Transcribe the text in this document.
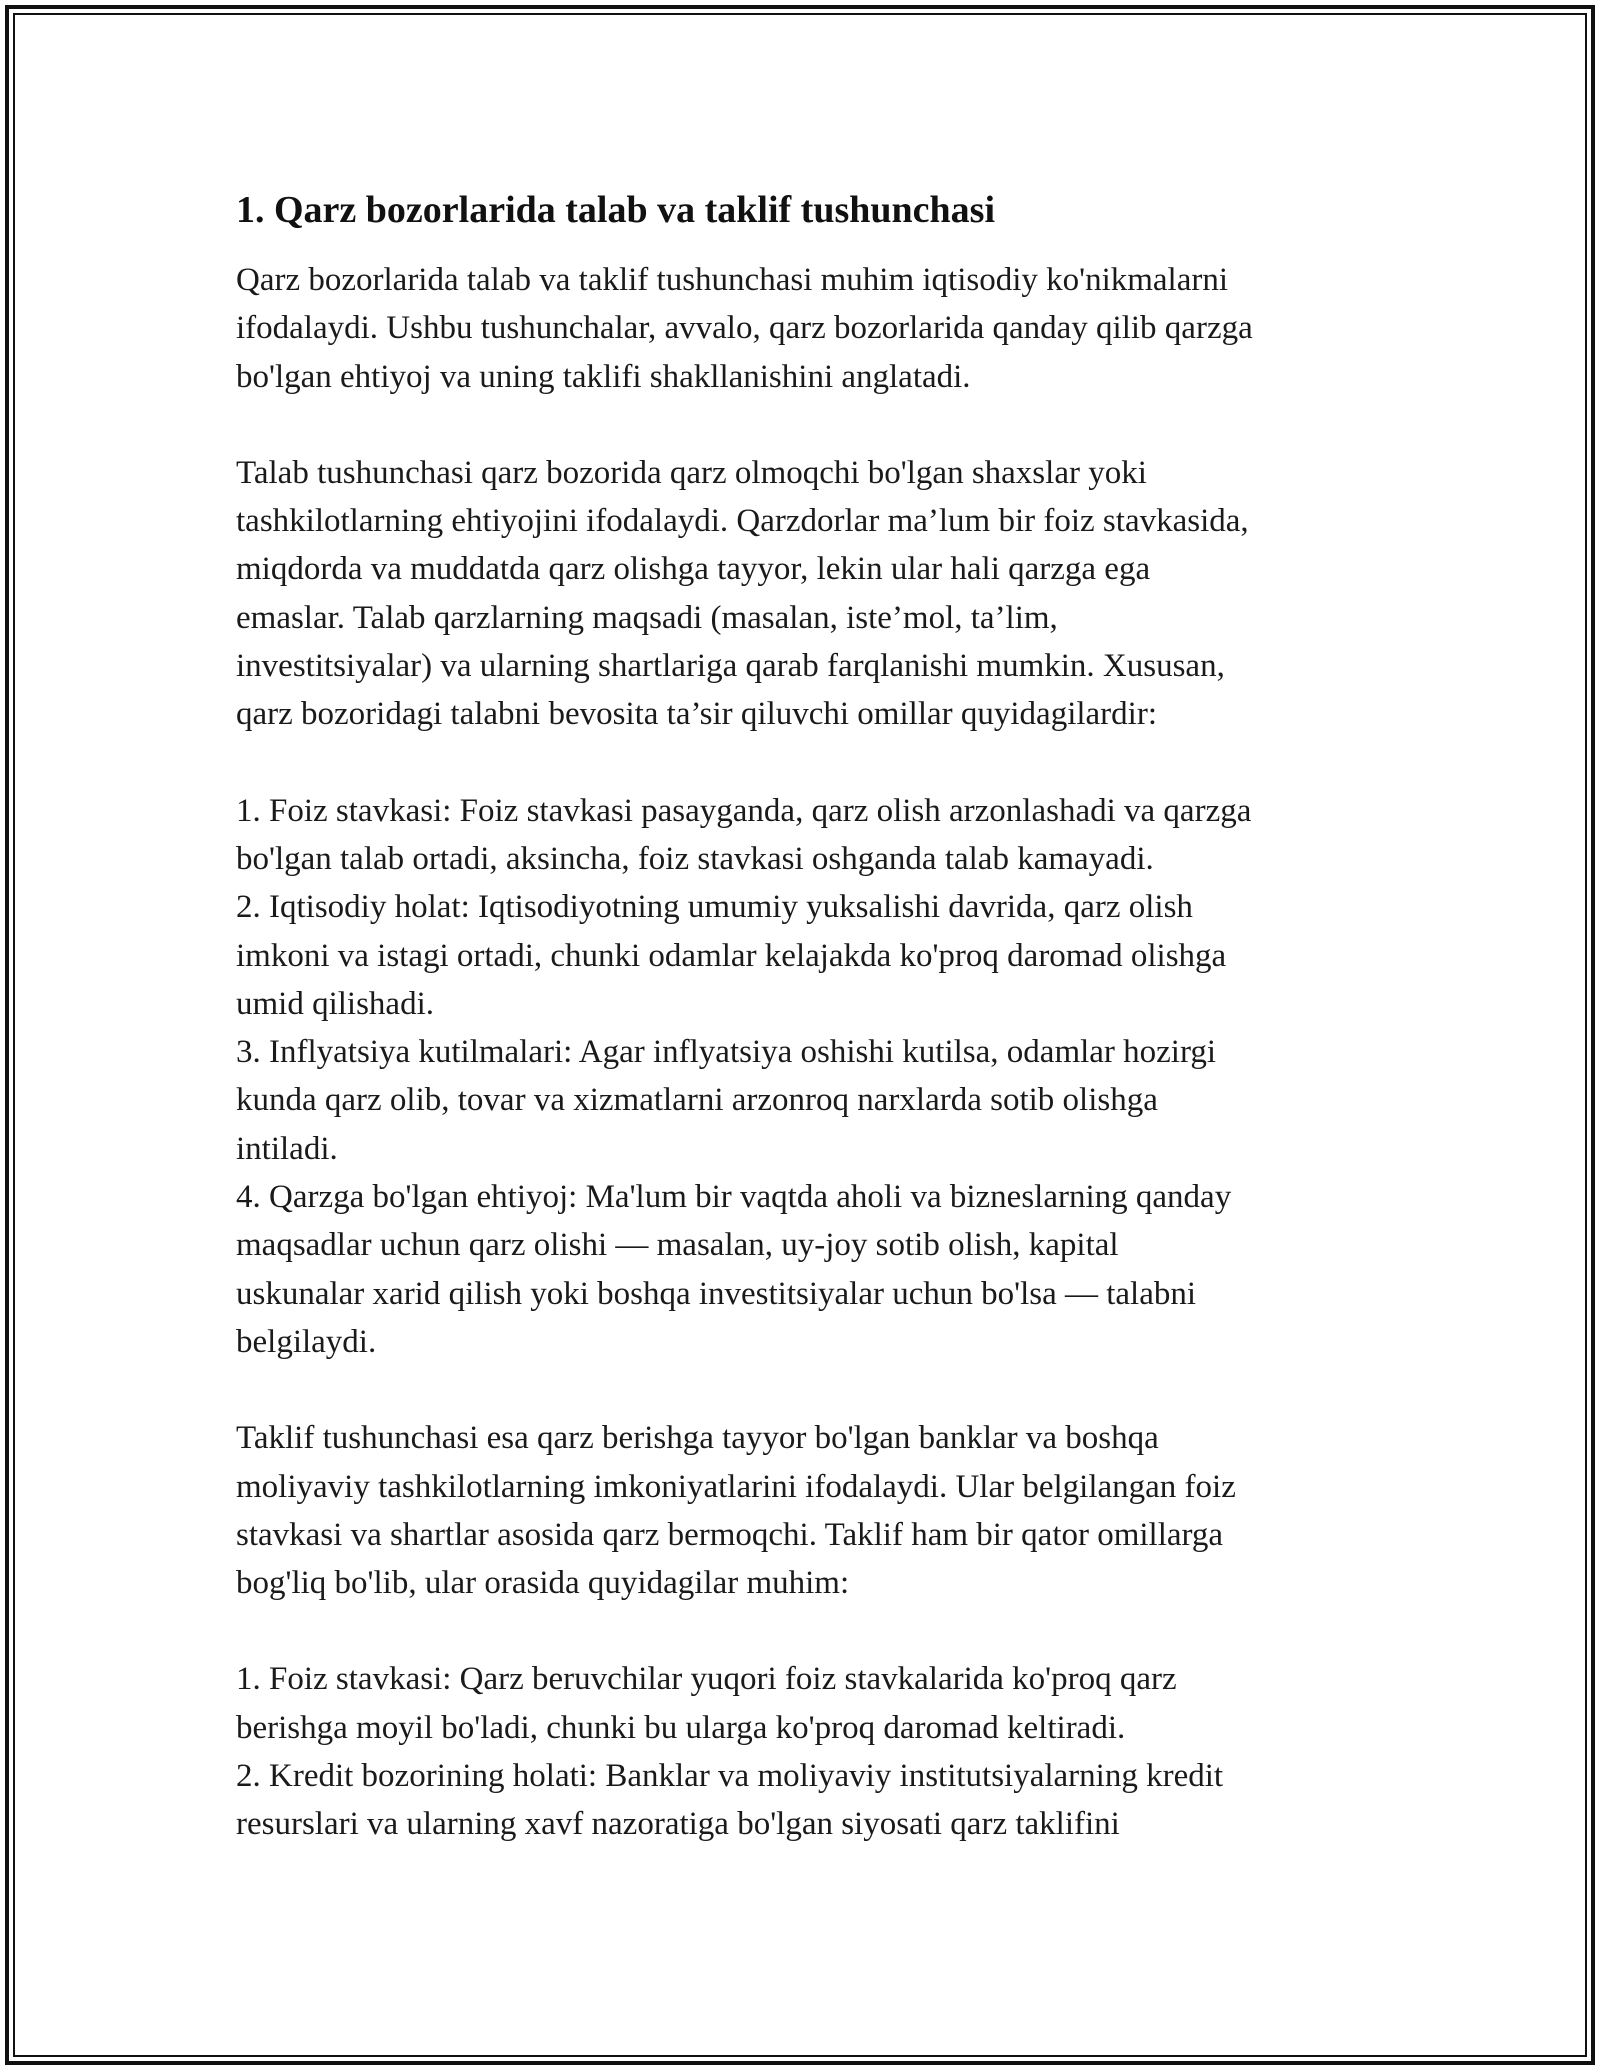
1. Qarz bozorlarida talab va taklif tushunchasi

Qarz bozorlarida talab va taklif tushunchasi muhim iqtisodiy ko'nikmalarni
ifodalaydi. Ushbu tushunchalar, avvalo, qarz bozorlarida qanday qilib qarzga
bo'lgan ehtiyoj va uning taklifi shakllanishini anglatadi.

Talab tushunchasi qarz bozorida qarz olmoqchi bo'lgan shaxslar yoki
tashkilotlarning ehtiyojini ifodalaydi. Qarzdorlar ma’lum bir foiz stavkasida,
miqdorda va muddatda qarz olishga tayyor, lekin ular hali qarzga ega
emaslar. Talab qarzlarning maqsadi (masalan, iste’mol, ta’lim,
investitsiyalar) va ularning shartlariga qarab farqlanishi mumkin. Xususan,
qarz bozoridagi talabni bevosita ta’sir qiluvchi omillar quyidagilardir:

1. Foiz stavkasi: Foiz stavkasi pasayganda, qarz olish arzonlashadi va qarzga
bo'lgan talab ortadi, aksincha, foiz stavkasi oshganda talab kamayadi.
2. Iqtisodiy holat: Iqtisodiyotning umumiy yuksalishi davrida, qarz olish
imkoni va istagi ortadi, chunki odamlar kelajakda ko'proq daromad olishga
umid qilishadi.
3. Inflyatsiya kutilmalari: Agar inflyatsiya oshishi kutilsa, odamlar hozirgi
kunda qarz olib, tovar va xizmatlarni arzonroq narxlarda sotib olishga
intiladi.
4. Qarzga bo'lgan ehtiyoj: Ma'lum bir vaqtda aholi va bizneslarning qanday
maqsadlar uchun qarz olishi — masalan, uy-joy sotib olish, kapital
uskunalar xarid qilish yoki boshqa investitsiyalar uchun bo'lsa — talabni
belgilaydi.

Taklif tushunchasi esa qarz berishga tayyor bo'lgan banklar va boshqa
moliyaviy tashkilotlarning imkoniyatlarini ifodalaydi. Ular belgilangan foiz
stavkasi va shartlar asosida qarz bermoqchi. Taklif ham bir qator omillarga
bog'liq bo'lib, ular orasida quyidagilar muhim:

1. Foiz stavkasi: Qarz beruvchilar yuqori foiz stavkalarida ko'proq qarz
berishga moyil bo'ladi, chunki bu ularga ko'proq daromad keltiradi.
2. Kredit bozorining holati: Banklar va moliyaviy institutsiyalarning kredit
resurslari va ularning xavf nazoratiga bo'lgan siyosati qarz taklifini
